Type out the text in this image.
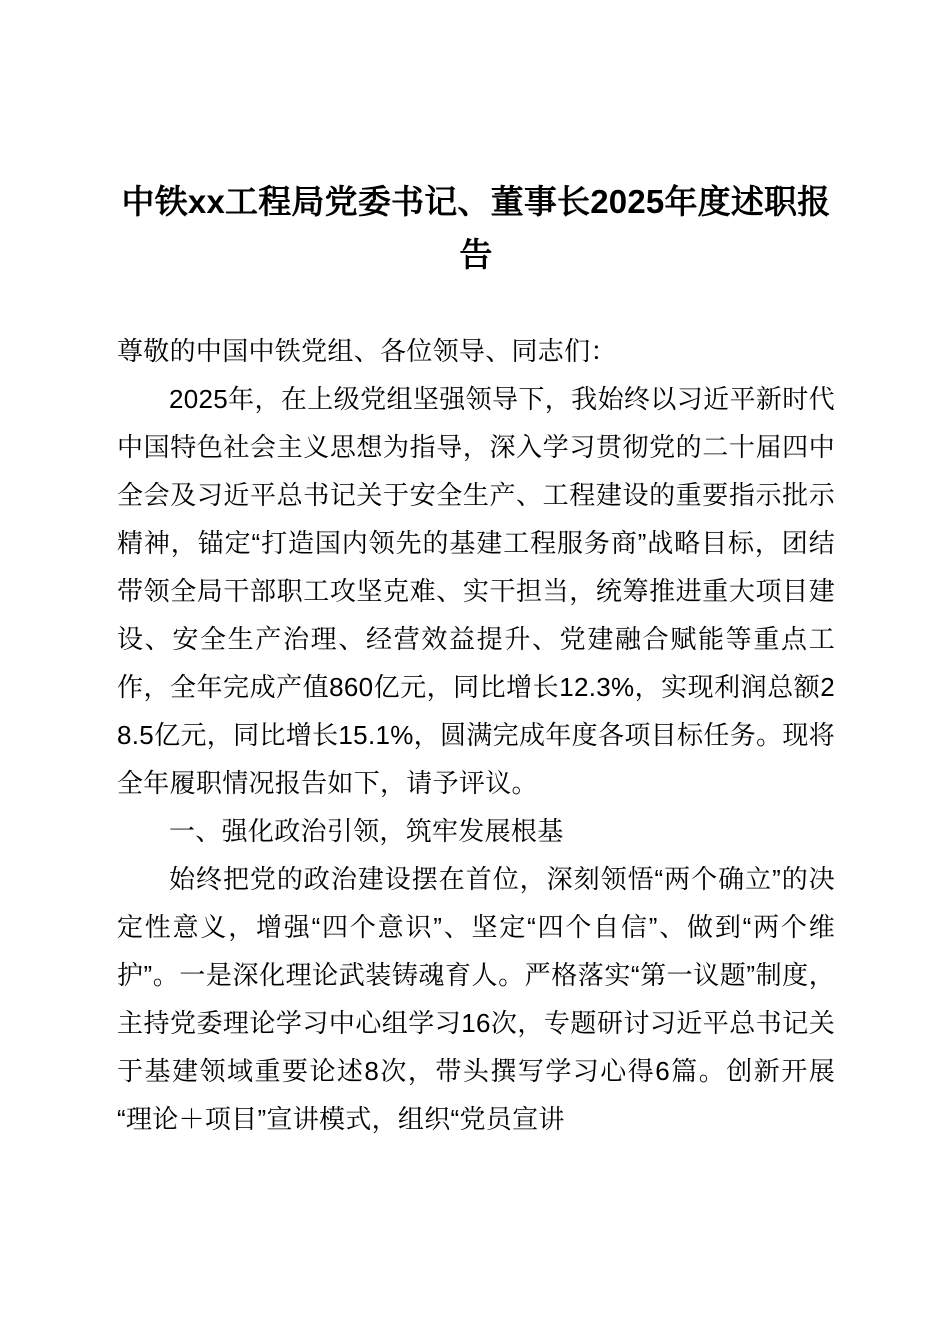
中铁xx工程局党委书记、董事长2025年度述职报告

尊敬的中国中铁党组、各位领导、同志们：

2025年，在上级党组坚强领导下，我始终以习近平新时代中国特色社会主义思想为指导，深入学习贯彻党的二十届四中全会及习近平总书记关于安全生产、工程建设的重要指示批示精神，锚定“打造国内领先的基建工程服务商”战略目标，团结带领全局干部职工攻坚克难、实干担当，统筹推进重大项目建设、安全生产治理、经营效益提升、党建融合赋能等重点工作，全年完成产值860亿元，同比增长12.3%，实现利润总额28.5亿元，同比增长15.1%，圆满完成年度各项目标任务。现将全年履职情况报告如下，请予评议。

一、强化政治引领，筑牢发展根基

始终把党的政治建设摆在首位，深刻领悟“两个确立”的决定性意义，增强“四个意识”、坚定“四个自信”、做到“两个维护”。一是深化理论武装铸魂育人。严格落实“第一议题”制度，主持党委理论学习中心组学习16次，专题研讨习近平总书记关于基建领域重要论述8次，带头撰写学习心得6篇。创新开展“理论＋项目”宣讲模式，组织“党员宣讲
